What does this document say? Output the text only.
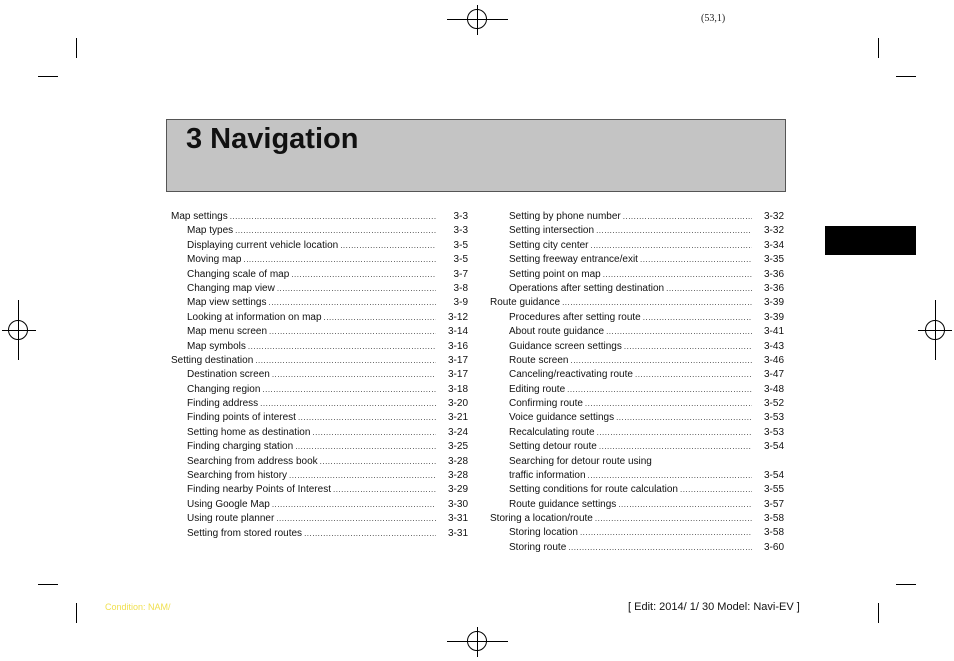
(53,1)
3 Navigation
Map settings .....	3-3
Map types .....	3-3
Displaying current vehicle location .....	3-5
Moving map .....	3-5
Changing scale of map .....	3-7
Changing map view .....	3-8
Map view settings .....	3-9
Looking at information on map .....	3-12
Map menu screen .....	3-14
Map symbols .....	3-16
Setting destination .....	3-17
Destination screen .....	3-17
Changing region .....	3-18
Finding address .....	3-20
Finding points of interest .....	3-21
Setting home as destination .....	3-24
Finding charging station .....	3-25
Searching from address book .....	3-28
Searching from history .....	3-28
Finding nearby Points of Interest .....	3-29
Using Google Map .....	3-30
Using route planner .....	3-31
Setting from stored routes .....	3-31
Setting by phone number .....	3-32
Setting intersection .....	3-32
Setting city center .....	3-34
Setting freeway entrance/exit .....	3-35
Setting point on map .....	3-36
Operations after setting destination .....	3-36
Route guidance .....	3-39
Procedures after setting route .....	3-39
About route guidance .....	3-41
Guidance screen settings .....	3-43
Route screen .....	3-46
Canceling/reactivating route .....	3-47
Editing route .....	3-48
Confirming route .....	3-52
Voice guidance settings .....	3-53
Recalculating route .....	3-53
Setting detour route .....	3-54
Searching for detour route using
traffic information .....	3-54
Setting conditions for route calculation .....	3-55
Route guidance settings .....	3-57
Storing a location/route .....	3-58
Storing location .....	3-58
Storing route .....	3-60
Condition: NAM/	[ Edit: 2014/ 1/ 30 Model: Navi-EV ]
